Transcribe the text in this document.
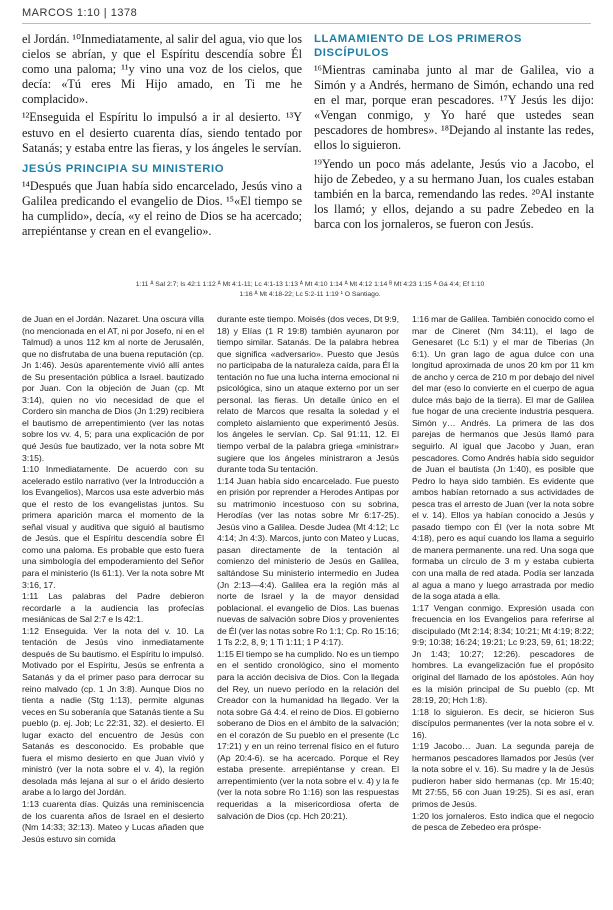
MARCOS 1:10 | 1378

el Jordán. ¹⁰Inmediatamente, al salir del agua, vio que los cielos se abrían, y que el Espíritu descendía sobre Él como una paloma; ¹¹y vino una voz de los cielos, que decía: «Tú eres Mi Hijo amado, en Ti me he complacido».

¹²Enseguida el Espíritu lo impulsó a ir al desierto. ¹³Y estuvo en el desierto cuarenta días, siendo tentado por Satanás; y estaba entre las fieras, y los ángeles le servían.

JESÚS PRINCIPIA SU MINISTERIO

¹⁴Después que Juan había sido encarcelado, Jesús vino a Galilea predicando el evangelio de Dios. ¹⁵«El tiempo se ha cumplido», decía, «y el reino de Dios se ha acercado; arrepiéntanse y crean en el evangelio».

LLAMAMIENTO DE LOS PRIMEROS DISCÍPULOS

¹⁶Mientras caminaba junto al mar de Galilea, vio a Simón y a Andrés, hermano de Simón, echando una red en el mar, porque eran pescadores. ¹⁷Y Jesús les dijo: «Vengan conmigo, y Yo haré que ustedes sean pescadores de hombres». ¹⁸Dejando al instante las redes, ellos lo siguieron.

¹⁹Yendo un poco más adelante, Jesús vio a Jacobo, el hijo de Zebedeo, y a su hermano Juan, los cuales estaban también en la barca, remendando las redes. ²⁰Al instante los llamó; y ellos, dejando a su padre Zebedeo en la barca con los jornaleros, se fueron con Jesús.

1:11 ᴬ Sal 2:7; Is 42:1 1:12 ᴬ Mt 4:1-11; Lc 4:1-13 1:13 ᴬ Mt 4:10 1:14 ᴬ Mt 4:12 1:14 ᴮ Mt 4:23 1:15 ᴬ Gá 4:4; Ef 1:10
1:16 ᴬ Mt 4:18-22; Lc 5:2-11 1:19 ¹ O Santiago.

de Juan en el Jordán. Nazaret. Una oscura villa (no mencionada en el AT, ni por Josefo, ni en el Talmud) a unos 112 km al norte de Jerusalén, que no disfrutaba de una buena reputación (cp. Jn 1:46). Jesús aparentemente vivió allí antes de Su presentación pública a Israel. bautizado por Juan. Con la objeción de Juan (cp. Mt 3:14), quien no vio necesidad de que el Cordero sin mancha de Dios (Jn 1:29) recibiera el bautismo de arrepentimiento (ver las notas sobre los vv. 4, 5; para una explicación de por qué Jesús fue bautizado, ver la nota sobre Mt 3:15).

1:10 Inmediatamente. De acuerdo con su acelerado estilo narrativo (ver la Introducción a los Evangelios), Marcos usa este adverbio más que el resto de los evangelistas juntos. Su primera aparición marca el momento de la señal visual y auditiva que siguió al bautismo de Jesús. que el Espíritu descendía sobre Él como una paloma. Es probable que esto fuera una simbología del empoderamiento del Señor para el ministerio (Is 61:1). Ver la nota sobre Mt 3:16, 17.

1:11 Las palabras del Padre debieron recordarle a la audiencia las profecías mesiánicas de Sal 2:7 e Is 42:1.

1:12 Enseguida. Ver la nota del v. 10. La tentación de Jesús vino inmediatamente después de Su bautismo. el Espíritu lo impulsó. Motivado por el Espíritu, Jesús se enfrenta a Satanás y da el primer paso para derrocar su reino malvado (cp. 1 Jn 3:8). Aunque Dios no tienta a nadie (Stg 1:13), permite algunas veces en Su soberanía que Satanás tiente a Su pueblo (p. ej. Job; Lc 22:31, 32). el desierto. El lugar exacto del encuentro de Jesús con Satanás es desconocido. Es probable que fuera el mismo desierto en que Juan vivió y ministró (ver la nota sobre el v. 4), la región desolada más lejana al sur o el árido desierto arabe a lo largo del Jordán.

1:13 cuarenta días. Quizás una reminiscencia de los cuarenta años de Israel en el desierto (Nm 14:33; 32:13). Mateo y Lucas añaden que Jesús estuvo sin comida

durante este tiempo. Moisés (dos veces, Dt 9:9, 18) y Elías (1 R 19:8) también ayunaron por tiempo similar. Satanás. De la palabra hebrea que significa «adversario». Puesto que Jesús no participaba de la naturaleza caída, para Él la tentación no fue una lucha interna emocional ni psicológica, sino un ataque externo por un ser personal. las fieras. Un detalle único en el relato de Marcos que resalta la soledad y el completo aislamiento que experimentó Jesús. los ángeles le servían. Cp. Sal 91:11, 12. El tiempo verbal de la palabra griega «ministrar» sugiere que los ángeles ministraron a Jesús durante toda Su tentación.

1:14 Juan había sido encarcelado. Fue puesto en prisión por reprender a Herodes Antipas por su matrimonio incestuoso con su sobrina, Herodías (ver las notas sobre Mr 6:17-25). Jesús vino a Galilea. Desde Judea (Mt 4:12; Lc 4:14; Jn 4:3). Marcos, junto con Mateo y Lucas, pasan directamente de la tentación al comienzo del ministerio de Jesús en Galilea, saltándose Su ministerio intermedio en Judea (Jn 2:13—4:4). Galilea era la región más al norte de Israel y la de mayor densidad poblacional. el evangelio de Dios. Las buenas nuevas de salvación sobre Dios y provenientes de Él (ver las notas sobre Ro 1:1; Cp. Ro 15:16; 1 Ts 2:2, 8, 9; 1 Ti 1:11; 1 P 4:17).

1:15 El tiempo se ha cumplido. No es un tiempo en el sentido cronológico, sino el momento para la acción decisiva de Dios. Con la llegada del Rey, un nuevo período en la relación del Creador con la humanidad ha llegado. Ver la nota sobre Gá 4:4. el reino de Dios. El gobierno soberano de Dios en el ámbito de la salvación; en el corazón de Su pueblo en el presente (Lc 17:21) y en un reino terrenal físico en el futuro (Ap 20:4-6). se ha acercado. Porque el Rey estaba presente. arrepiéntanse y crean. El arrepentimiento (ver la nota sobre el v. 4) y la fe (ver la nota sobre Ro 1:16) son las respuestas requeridas a la misericordiosa oferta de salvación de Dios (cp. Hch 20:21).

1:16 mar de Galilea. También conocido como el mar de Cineret (Nm 34:11), el lago de Genesaret (Lc 5:1) y el mar de Tiberias (Jn 6:1). Un gran lago de agua dulce con una longitud aproximada de unos 20 km por 11 km de ancho y cerca de 210 m por debajo del nivel del mar (eso lo convierte en el cuerpo de agua dulce más bajo de la tierra). El mar de Galilea fue hogar de una creciente industria pesquera. Simón y… Andrés. La primera de las dos parejas de hermanos que Jesús llamó para seguirlo. Al igual que Jacobo y Juan, eran pescadores. Como Andrés había sido seguidor de Juan el bautista (Jn 1:40), es posible que Pedro lo haya sido también. Es evidente que ambos habían retornado a sus actividades de pesca tras el arresto de Juan (ver la nota sobre el v. 14). Ellos ya habían conocido a Jesús y pasado tiempo con Él (ver la nota sobre Mt 4:18), pero es aquí cuando los llama a seguirlo de manera permanente. una red. Una soga que formaba un círculo de 3 m y estaba cubierta con una malla de red atada. Podía ser lanzada al agua a mano y luego arrastrada por medio de la soga atada a ella.

1:17 Vengan conmigo. Expresión usada con frecuencia en los Evangelios para referirse al discipulado (Mt 2:14; 8:34; 10:21; Mt 4:19; 8:22; 9:9; 10:38; 16:24; 19:21; Lc 9:23, 59, 61; 18:22; Jn 1:43; 10:27; 12:26). pescadores de hombres. La evangelización fue el propósito original del llamado de los apóstoles. Aún hoy es la misión principal de Su pueblo (cp. Mt 28:19, 20; Hch 1:8).

1:18 lo siguieron. Es decir, se hicieron Sus discípulos permanentes (ver la nota sobre el v. 16).

1:19 Jacobo… Juan. La segunda pareja de hermanos pescadores llamados por Jesús (ver la nota sobre el v. 16). Su madre y la de Jesús pudieron haber sido hermanas (cp. Mr 15:40; Mt 27:55, 56 con Juan 19:25). Si es así, eran primos de Jesús.

1:20 los jornaleros. Esto indica que el negocio de pesca de Zebedeo era próspe-
